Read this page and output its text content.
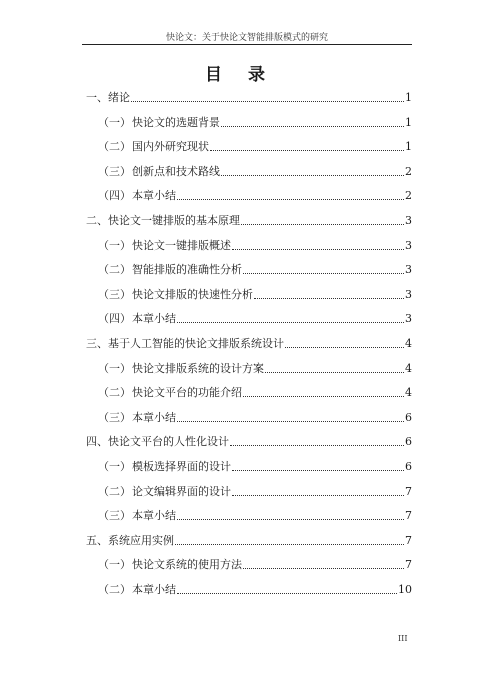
快论文：关于快论文智能排版模式的研究
目 录
一、绪论	1
（一） 快论文的选题背景	1
（二） 国内外研究现状	1
（三） 创新点和技术路线	2
（四） 本章小结	2
二、快论文一键排版的基本原理	3
（一） 快论文一键排版概述	3
（二） 智能排版的准确性分析	3
（三） 快论文排版的快速性分析	3
（四） 本章小结	3
三、基于人工智能的快论文排版系统设计	4
（一） 快论文排版系统的设计方案	4
（二） 快论文平台的功能介绍	4
（三） 本章小结	6
四、快论文平台的人性化设计	6
（一） 模板选择界面的设计	6
（二） 论文编辑界面的设计	7
（三） 本章小结	7
五、系统应用实例	7
（一） 快论文系统的使用方法	7
（二） 本章小结	10
III
